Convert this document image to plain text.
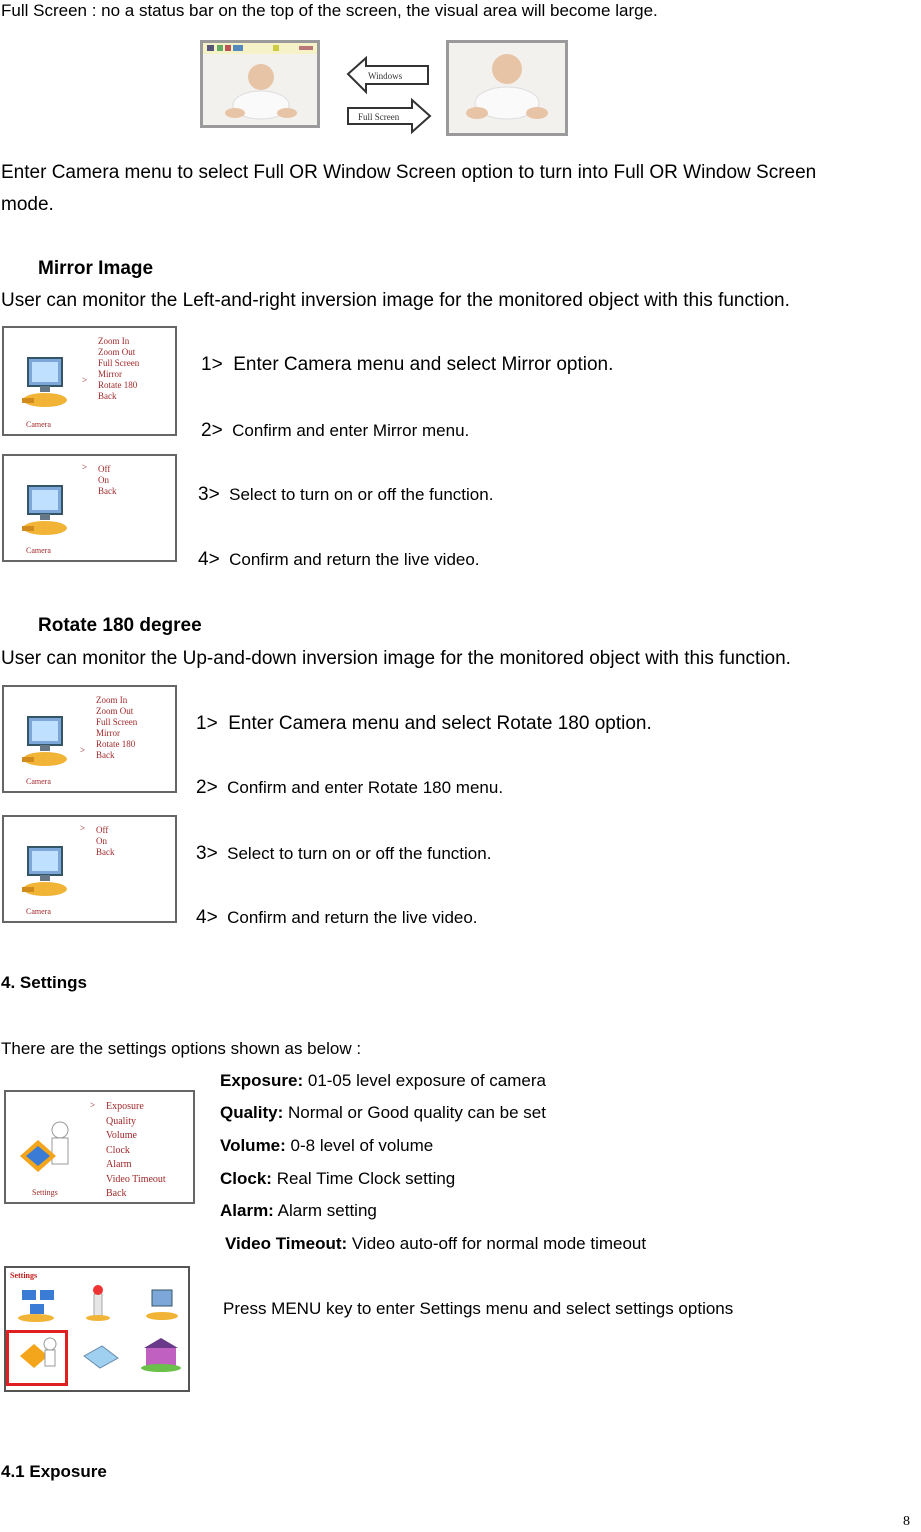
Full Screen : no a status bar on the top of the screen, the visual area will become large.
Windows
Full Screen
Enter Camera menu to select Full OR Window Screen option to turn into Full OR Window Screen
mode.
Mirror Image
User can monitor the Left-and-right inversion image for the monitored object with this function.
Camera
>
Zoom In
Zoom Out
Full Screen
Mirror
Rotate 180
Back
Camera
> Off
On
Back
1> Enter Camera menu and select Mirror option.
2> Confirm and enter Mirror menu.
3> Select to turn on or off the function.
4> Confirm and return the live video.
Rotate 180 degree
User can monitor the Up-and-down inversion image for the monitored object with this function.
Camera
>
Zoom In
Zoom Out
Full Screen
Mirror
Rotate 180
Back
Camera
> Off
On
Back
1> Enter Camera menu and select Rotate 180 option.
2> Confirm and enter Rotate 180 menu.
3> Select to turn on or off the function.
4> Confirm and return the live video.
4. Settings
There are the settings options shown as below :
Settings
> Exposure
Quality
Volume
Clock
Alarm
Video Timeout
Back
Exposure: 01-05 level exposure of camera
Quality: Normal or Good quality can be set
Volume: 0-8 level of volume
Clock: Real Time Clock setting
Alarm: Alarm setting
Video Timeout: Video auto-off for normal mode timeout
Settings
Press MENU key to enter Settings menu and select settings options
4.1 Exposure
8
